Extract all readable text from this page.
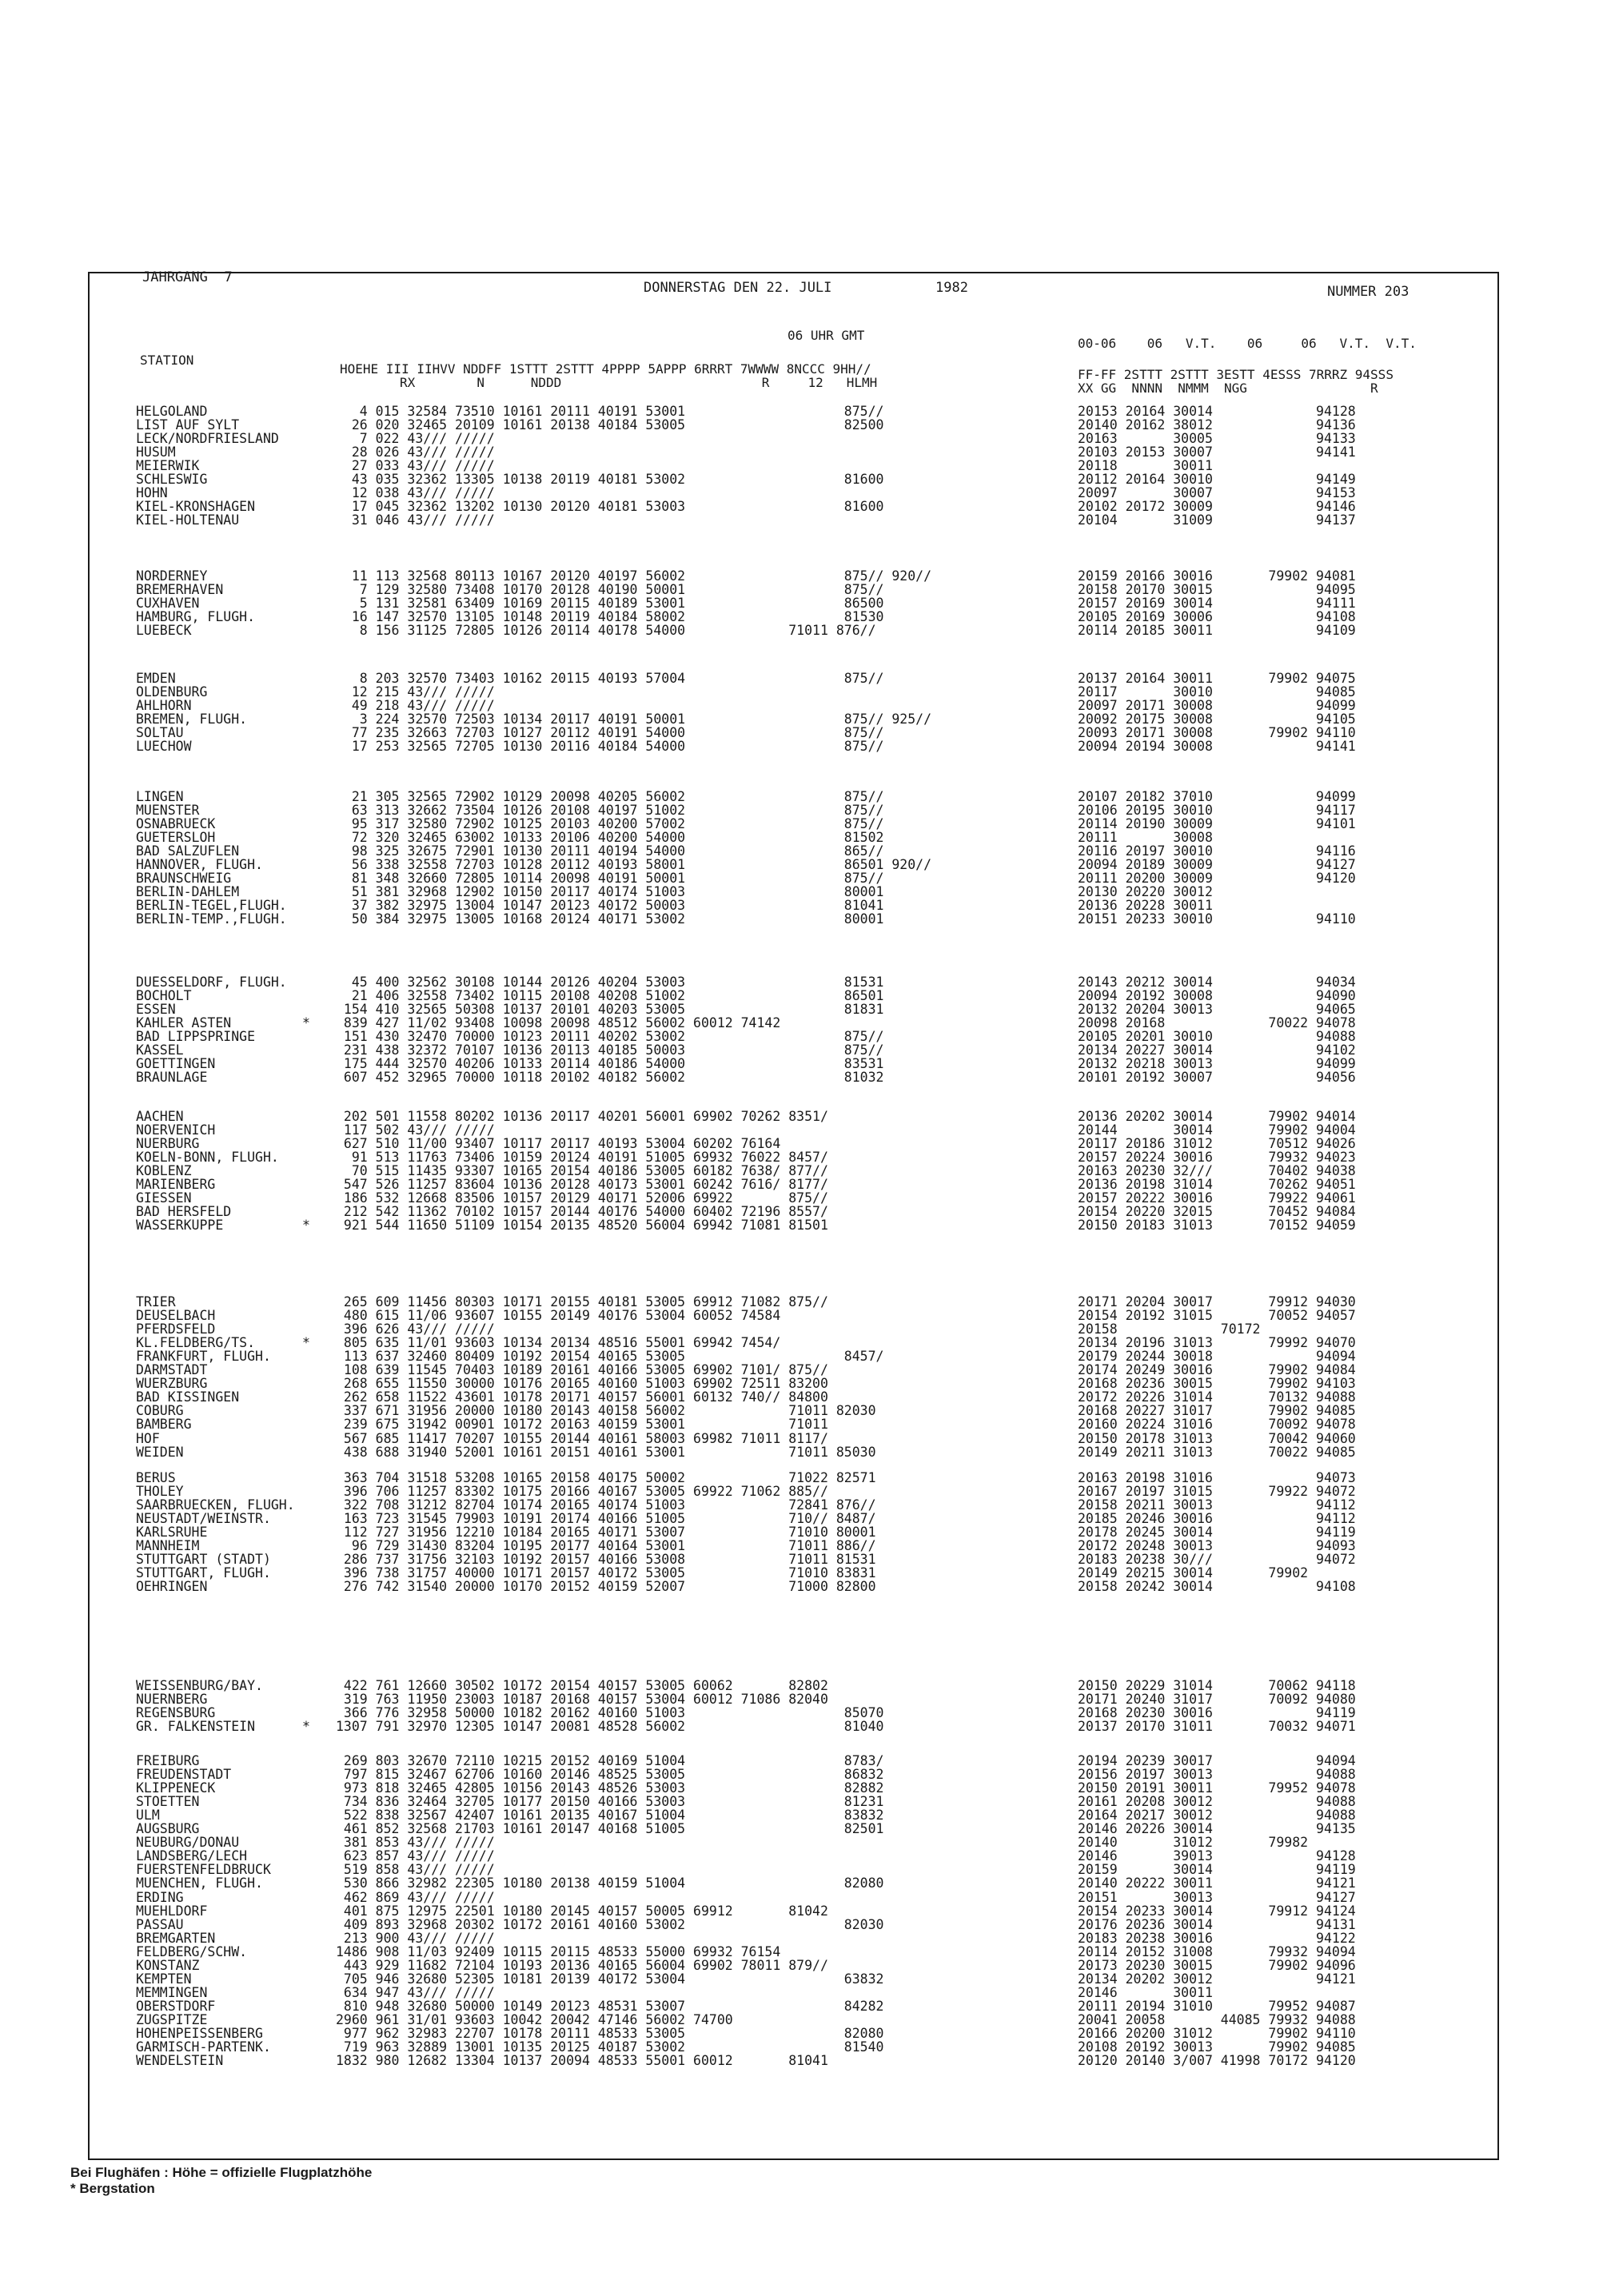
JAHRGANG  7
DONNERSTAG DEN 22. JULI	1982	NUMMER 203
06 UHR GMT
STATION
HOEHE III IIHVV NDDFF 1STTT 2STTT 4PPPP 5APPP 6RRRT 7WWWW 8NCCC 9HH//
RX        N      NDDD                          R     12   HLMH
00-06    06   V.T.    06     06   V.T.  V.T.
FF-FF 2STTT 2STTT 3ESTT 4ESSS 7RRRZ 94SSS
XX GG  NNNN  NMMM  NGG                R
HELGOLAND	4 015 32584 73510 10161 20111 40191 53001                    875//	20153 20164 30014             94128
LIST AUF SYLT	26 020 32465 20109 10161 20138 40184 53005                    82500	20140 20162 38012             94136
LECK/NORDFRIESLAND	7 022 43/// /////	20163       30005             94133
HUSUM	28 026 43/// /////	20103 20153 30007             94141
MEIERWIK	27 033 43/// /////	20118       30011
SCHLESWIG	43 035 32362 13305 10138 20119 40181 53002                    81600	20112 20164 30010             94149
HOHN	12 038 43/// /////	20097       30007             94153
KIEL-KRONSHAGEN	17 045 32362 13202 10130 20120 40181 53003                    81600	20102 20172 30009             94146
KIEL-HOLTENAU	31 046 43/// /////	20104       31009             94137
NORDERNEY	11 113 32568 80113 10167 20120 40197 56002                    875// 920//	20159 20166 30016       79902 94081
BREMERHAVEN	7 129 32580 73408 10170 20128 40190 50001                    875//	20158 20170 30015             94095
CUXHAVEN	5 131 32581 63409 10169 20115 40189 53001                    86500	20157 20169 30014             94111
HAMBURG, FLUGH.	16 147 32570 13105 10148 20119 40184 58002                    81530	20105 20169 30006             94108
LUEBECK	8 156 31125 72805 10126 20114 40178 54000             71011 876//	20114 20185 30011             94109
EMDEN	8 203 32570 73403 10162 20115 40193 57004                    875//	20137 20164 30011       79902 94075
OLDENBURG	12 215 43/// /////	20117       30010             94085
AHLHORN	49 218 43/// /////	20097 20171 30008             94099
BREMEN, FLUGH.	3 224 32570 72503 10134 20117 40191 50001                    875// 925//	20092 20175 30008             94105
SOLTAU	77 235 32663 72703 10127 20112 40191 54000                    875//	20093 20171 30008       79902 94110
LUECHOW	17 253 32565 72705 10130 20116 40184 54000                    875//	20094 20194 30008             94141
LINGEN	21 305 32565 72902 10129 20098 40205 56002                    875//	20107 20182 37010             94099
MUENSTER	63 313 32662 73504 10126 20108 40197 51002                    875//	20106 20195 30010             94117
OSNABRUECK	95 317 32580 72902 10125 20103 40200 57002                    875//	20114 20190 30009             94101
GUETERSLOH	72 320 32465 63002 10133 20106 40200 54000                    81502	20111       30008
BAD SALZUFLEN	98 325 32675 72901 10130 20111 40194 54000                    865//	20116 20197 30010             94116
HANNOVER, FLUGH.	56 338 32558 72703 10128 20112 40193 58001                    86501 920//	20094 20189 30009             94127
BRAUNSCHWEIG	81 348 32660 72805 10114 20098 40191 50001                    875//	20111 20200 30009             94120
BERLIN-DAHLEM	51 381 32968 12902 10150 20117 40174 51003                    80001	20130 20220 30012
BERLIN-TEGEL,FLUGH.	37 382 32975 13004 10147 20123 40172 50003                    81041	20136 20228 30011
BERLIN-TEMP.,FLUGH.	50 384 32975 13005 10168 20124 40171 53002                    80001	20151 20233 30010             94110
DUESSELDORF, FLUGH.	45 400 32562 30108 10144 20126 40204 53003                    81531	20143 20212 30014             94034
BOCHOLT	21 406 32558 73402 10115 20108 40208 51002                    86501	20094 20192 30008             94090
ESSEN	154 410 32565 50308 10137 20101 40203 53005                    81831	20132 20204 30013             94065
KAHLER ASTEN	839 427 11/02 93408 10098 20098 48512 56002 60012 74142	20098 20168             70022 94078
BAD LIPPSPRINGE	151 430 32470 70000 10123 20111 40202 53002                    875//	20105 20201 30010             94088
KASSEL	231 438 32372 70107 10136 20113 40185 50003                    875//	20134 20227 30014             94102
GOETTINGEN	175 444 32570 40206 10133 20114 40186 54000                    83531	20132 20218 30013             94099
BRAUNLAGE	607 452 32965 70000 10118 20102 40182 56002                    81032	20101 20192 30007             94056
AACHEN	202 501 11558 80202 10136 20117 40201 56001 69902 70262 8351/	20136 20202 30014       79902 94014
NOERVENICH	117 502 43/// /////	20144       30014       79902 94004
NUERBURG	627 510 11/00 93407 10117 20117 40193 53004 60202 76164	20117 20186 31012       70512 94026
KOELN-BONN, FLUGH.	91 513 11763 73406 10159 20124 40191 51005 69932 76022 8457/	20157 20224 30016       79932 94023
KOBLENZ	70 515 11435 93307 10165 20154 40186 53005 60182 7638/ 877//	20163 20230 32///       70402 94038
MARIENBERG	547 526 11257 83604 10136 20128 40173 53001 60242 7616/ 8177/	20136 20198 31014       70262 94051
GIESSEN	186 532 12668 83506 10157 20129 40171 52006 69922       875//	20157 20222 30016       79922 94061
BAD HERSFELD	212 542 11362 70102 10157 20144 40176 54000 60402 72196 8557/	20154 20220 32015       70452 94084
WASSERKUPPE	921 544 11650 51109 10154 20135 48520 56004 69942 71081 81501	20150 20183 31013       70152 94059
TRIER	265 609 11456 80303 10171 20155 40181 53005 69912 71082 875//	20171 20204 30017       79912 94030
DEUSELBACH	480 615 11/06 93607 10155 20149 40176 53004 60052 74584	20154 20192 31015       70052 94057
PFERDSFELD	396 626 43/// /////	20158             70172
KL.FELDBERG/TS.	805 635 11/01 93603 10134 20134 48516 55001 69942 7454/	20134 20196 31013       79992 94070
FRANKFURT, FLUGH.	113 637 32460 80409 10192 20154 40165 53005                    8457/	20179 20244 30018             94094
DARMSTADT	108 639 11545 70403 10189 20161 40166 53005 69902 7101/ 875//	20174 20249 30016       79902 94084
WUERZBURG	268 655 11550 30000 10176 20165 40160 51003 69902 72511 83200	20168 20236 30015       79902 94103
BAD KISSINGEN	262 658 11522 43601 10178 20171 40157 56001 60132 740// 84800	20172 20226 31014       70132 94088
COBURG	337 671 31956 20000 10180 20143 40158 56002             71011 82030	20168 20227 31017       79902 94085
BAMBERG	239 675 31942 00901 10172 20163 40159 53001             71011	20160 20224 31016       70092 94078
HOF	567 685 11417 70207 10155 20144 40161 58003 69982 71011 8117/	20150 20178 31013       70042 94060
WEIDEN	438 688 31940 52001 10161 20151 40161 53001             71011 85030	20149 20211 31013       70022 94085
BERUS	363 704 31518 53208 10165 20158 40175 50002             71022 82571	20163 20198 31016             94073
THOLEY	396 706 11257 83302 10175 20166 40167 53005 69922 71062 885//	20167 20197 31015       79922 94072
SAARBRUECKEN, FLUGH.	322 708 31212 82704 10174 20165 40174 51003             72841 876//	20158 20211 30013             94112
NEUSTADT/WEINSTR.	163 723 31545 79903 10191 20174 40166 51005             710// 8487/	20185 20246 30016             94112
KARLSRUHE	112 727 31956 12210 10184 20165 40171 53007             71010 80001	20178 20245 30014             94119
MANNHEIM	96 729 31430 83204 10195 20177 40164 53001             71011 886//	20172 20248 30013             94093
STUTTGART (STADT)	286 737 31756 32103 10192 20157 40166 53008             71011 81531	20183 20238 30///             94072
STUTTGART, FLUGH.	396 738 31757 40000 10171 20157 40172 53005             71010 83831	20149 20215 30014       79902
OEHRINGEN	276 742 31540 20000 10170 20152 40159 52007             71000 82800	20158 20242 30014             94108
WEISSENBURG/BAY.	422 761 12660 30502 10172 20154 40157 53005 60062       82802	20150 20229 31014       70062 94118
NUERNBERG	319 763 11950 23003 10187 20168 40157 53004 60012 71086 82040	20171 20240 31017       70092 94080
REGENSBURG	366 776 32958 50000 10182 20162 40160 51003                    85070	20168 20230 30016             94119
GR. FALKENSTEIN	1307 791 32970 12305 10147 20081 48528 56002                    81040	20137 20170 31011       70032 94071
FREIBURG	269 803 32670 72110 10215 20152 40169 51004                    8783/	20194 20239 30017             94094
FREUDENSTADT	797 815 32467 62706 10160 20146 48525 53005                    86832	20156 20197 30013             94088
KLIPPENECK	973 818 32465 42805 10156 20143 48526 53003                    82882	20150 20191 30011       79952 94078
STOETTEN	734 836 32464 32705 10177 20150 40166 53003                    81231	20161 20208 30012             94088
ULM	522 838 32567 42407 10161 20135 40167 51004                    83832	20164 20217 30012             94088
AUGSBURG	461 852 32568 21703 10161 20147 40168 51005                    82501	20146 20226 30014             94135
NEUBURG/DONAU	381 853 43/// /////	20140       31012       79982
LANDSBERG/LECH	623 857 43/// /////	20146       39013             94128
FUERSTENFELDBRUCK	519 858 43/// /////	20159       30014             94119
MUENCHEN, FLUGH.	530 866 32982 22305 10180 20138 40159 51004                    82080	20140 20222 30011             94121
ERDING	462 869 43/// /////	20151       30013             94127
MUEHLDORF	401 875 12975 22501 10180 20145 40157 50005 69912       81042	20154 20233 30014       79912 94124
PASSAU	409 893 32968 20302 10172 20161 40160 53002                    82030	20176 20236 30014             94131
BREMGARTEN	213 900 43/// /////	20183 20238 30016             94122
FELDBERG/SCHW.	1486 908 11/03 92409 10115 20115 48533 55000 69932 76154	20114 20152 31008       79932 94094
KONSTANZ	443 929 11682 72104 10193 20136 40165 56004 69902 78011 879//	20173 20230 30015       79902 94096
KEMPTEN	705 946 32680 52305 10181 20139 40172 53004                    63832	20134 20202 30012             94121
MEMMINGEN	634 947 43/// /////	20146       30011
OBERSTDORF	810 948 32680 50000 10149 20123 48531 53007                    84282	20111 20194 31010       79952 94087
ZUGSPITZE	2960 961 31/01 93603 10042 20042 47146 56002 74700	20041 20058       44085 79932 94088
HOHENPEISSENBERG	977 962 32983 22707 10178 20111 48533 53005                    82080	20166 20200 31012       79902 94110
GARMISCH-PARTENK.	719 963 32889 13001 10135 20125 40187 53002                    81540	20108 20192 30013       79902 94085
WENDELSTEIN	1832 980 12682 13304 10137 20094 48533 55001 60012       81041	20120 20140 3/007 41998 70172 94120
*
*
*
*
Bei Flughäfen : Höhe = offizielle Flugplatzhöhe
* Bergstation
